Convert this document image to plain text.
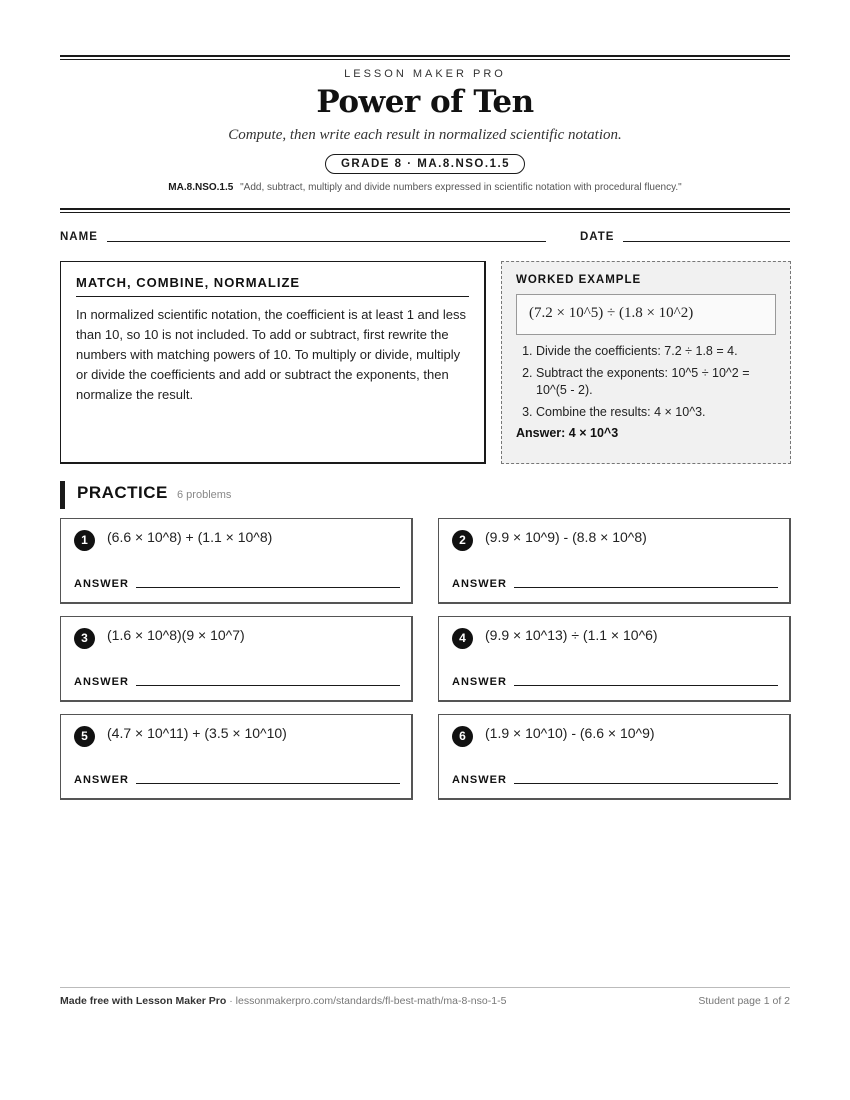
LESSON MAKER PRO
Power of Ten
Compute, then write each result in normalized scientific notation.
GRADE 8 · MA.8.NSO.1.5
MA.8.NSO.1.5 "Add, subtract, multiply and divide numbers expressed in scientific notation with procedural fluency."
NAME	DATE
MATCH, COMBINE, NORMALIZE
In normalized scientific notation, the coefficient is at least 1 and less than 10, so 10 is not included. To add or subtract, first rewrite the numbers with matching powers of 10. To multiply or divide, multiply or divide the coefficients and add or subtract the exponents, then normalize the result.
WORKED EXAMPLE
(7.2 × 10^5) ÷ (1.8 × 10^2)
1. Divide the coefficients: 7.2 ÷ 1.8 = 4.
2. Subtract the exponents: 10^5 ÷ 10^2 = 10^(5 - 2).
3. Combine the results: 4 × 10^3.
Answer: 4 × 10^3
PRACTICE 6 problems
1	(6.6 × 10^8) + (1.1 × 10^8)
ANSWER
2	(9.9 × 10^9) - (8.8 × 10^8)
ANSWER
3	(1.6 × 10^8)(9 × 10^7)
ANSWER
4	(9.9 × 10^13) ÷ (1.1 × 10^6)
ANSWER
5	(4.7 × 10^11) + (3.5 × 10^10)
ANSWER
6	(1.9 × 10^10) - (6.6 × 10^9)
ANSWER
Made free with Lesson Maker Pro · lessonmakerpro.com/standards/fl-best-math/ma-8-nso-1-5	Student page 1 of 2
